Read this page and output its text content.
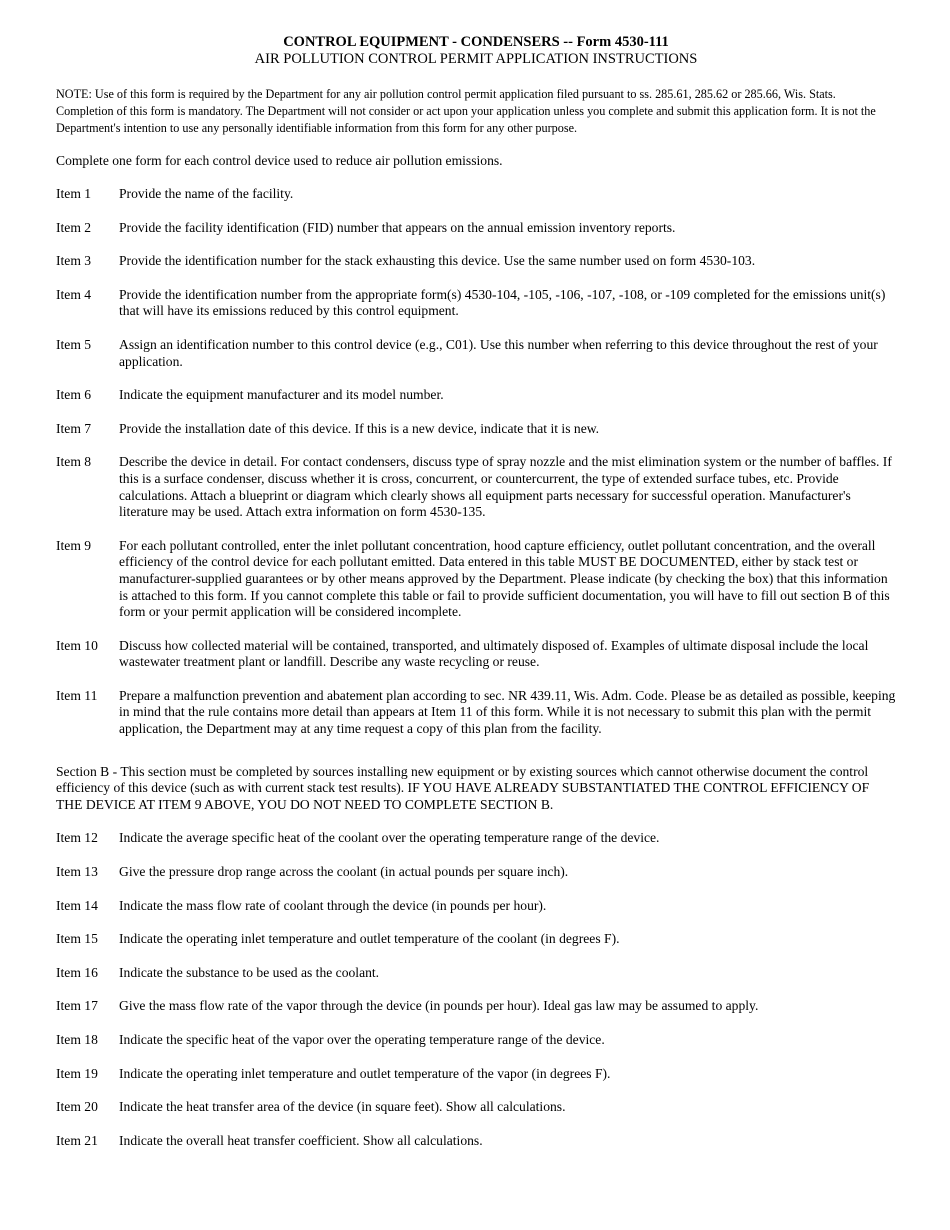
CONTROL EQUIPMENT - CONDENSERS -- Form 4530-111

AIR POLLUTION CONTROL PERMIT APPLICATION INSTRUCTIONS

NOTE: Use of this form is required by the Department for any air pollution control permit application filed pursuant to ss. 285.61, 285.62 or 285.66, Wis. Stats. Completion of this form is mandatory. The Department will not consider or act upon your application unless you complete and submit this application form. It is not the Department's intention to use any personally identifiable information from this form for any other purpose.

Complete one form for each control device used to reduce air pollution emissions.

Item 1	Provide the name of the facility.
Item 2	Provide the facility identification (FID) number that appears on the annual emission inventory reports.
Item 3	Provide the identification number for the stack exhausting this device. Use the same number used on form 4530-103.
Item 4	Provide the identification number from the appropriate form(s) 4530-104, -105, -106, -107, -108, or -109 completed for the emissions unit(s) that will have its emissions reduced by this control equipment.
Item 5	Assign an identification number to this control device (e.g., C01). Use this number when referring to this device throughout the rest of your application.
Item 6	Indicate the equipment manufacturer and its model number.
Item 7	Provide the installation date of this device. If this is a new device, indicate that it is new.
Item 8	Describe the device in detail. For contact condensers, discuss type of spray nozzle and the mist elimination system or the number of baffles. If this is a surface condenser, discuss whether it is cross, concurrent, or countercurrent, the type of extended surface tubes, etc. Provide calculations. Attach a blueprint or diagram which clearly shows all equipment parts necessary for successful operation. Manufacturer's literature may be used. Attach extra information on form 4530-135.
Item 9	For each pollutant controlled, enter the inlet pollutant concentration, hood capture efficiency, outlet pollutant concentration, and the overall efficiency of the control device for each pollutant emitted. Data entered in this table MUST BE DOCUMENTED, either by stack test or manufacturer-supplied guarantees or by other means approved by the Department. Please indicate (by checking the box) that this information is attached to this form. If you cannot complete this table or fail to provide sufficient documentation, you will have to fill out section B of this form or your permit application will be considered incomplete.
Item 10	Discuss how collected material will be contained, transported, and ultimately disposed of. Examples of ultimate disposal include the local wastewater treatment plant or landfill. Describe any waste recycling or reuse.
Item 11	Prepare a malfunction prevention and abatement plan according to sec. NR 439.11, Wis. Adm. Code. Please be as detailed as possible, keeping in mind that the rule contains more detail than appears at Item 11 of this form. While it is not necessary to submit this plan with the permit application, the Department may at any time request a copy of this plan from the facility.

Section B - This section must be completed by sources installing new equipment or by existing sources which cannot otherwise document the control efficiency of this device (such as with current stack test results). IF YOU HAVE ALREADY SUBSTANTIATED THE CONTROL EFFICIENCY OF THE DEVICE AT ITEM 9 ABOVE, YOU DO NOT NEED TO COMPLETE SECTION B.

Item 12	Indicate the average specific heat of the coolant over the operating temperature range of the device.
Item 13	Give the pressure drop range across the coolant (in actual pounds per square inch).
Item 14	Indicate the mass flow rate of coolant through the device (in pounds per hour).
Item 15	Indicate the operating inlet temperature and outlet temperature of the coolant (in degrees F).
Item 16	Indicate the substance to be used as the coolant.
Item 17	Give the mass flow rate of the vapor through the device (in pounds per hour). Ideal gas law may be assumed to apply.
Item 18	Indicate the specific heat of the vapor over the operating temperature range of the device.
Item 19	Indicate the operating inlet temperature and outlet temperature of the vapor (in degrees F).
Item 20	Indicate the heat transfer area of the device (in square feet). Show all calculations.
Item 21	Indicate the overall heat transfer coefficient. Show all calculations.
